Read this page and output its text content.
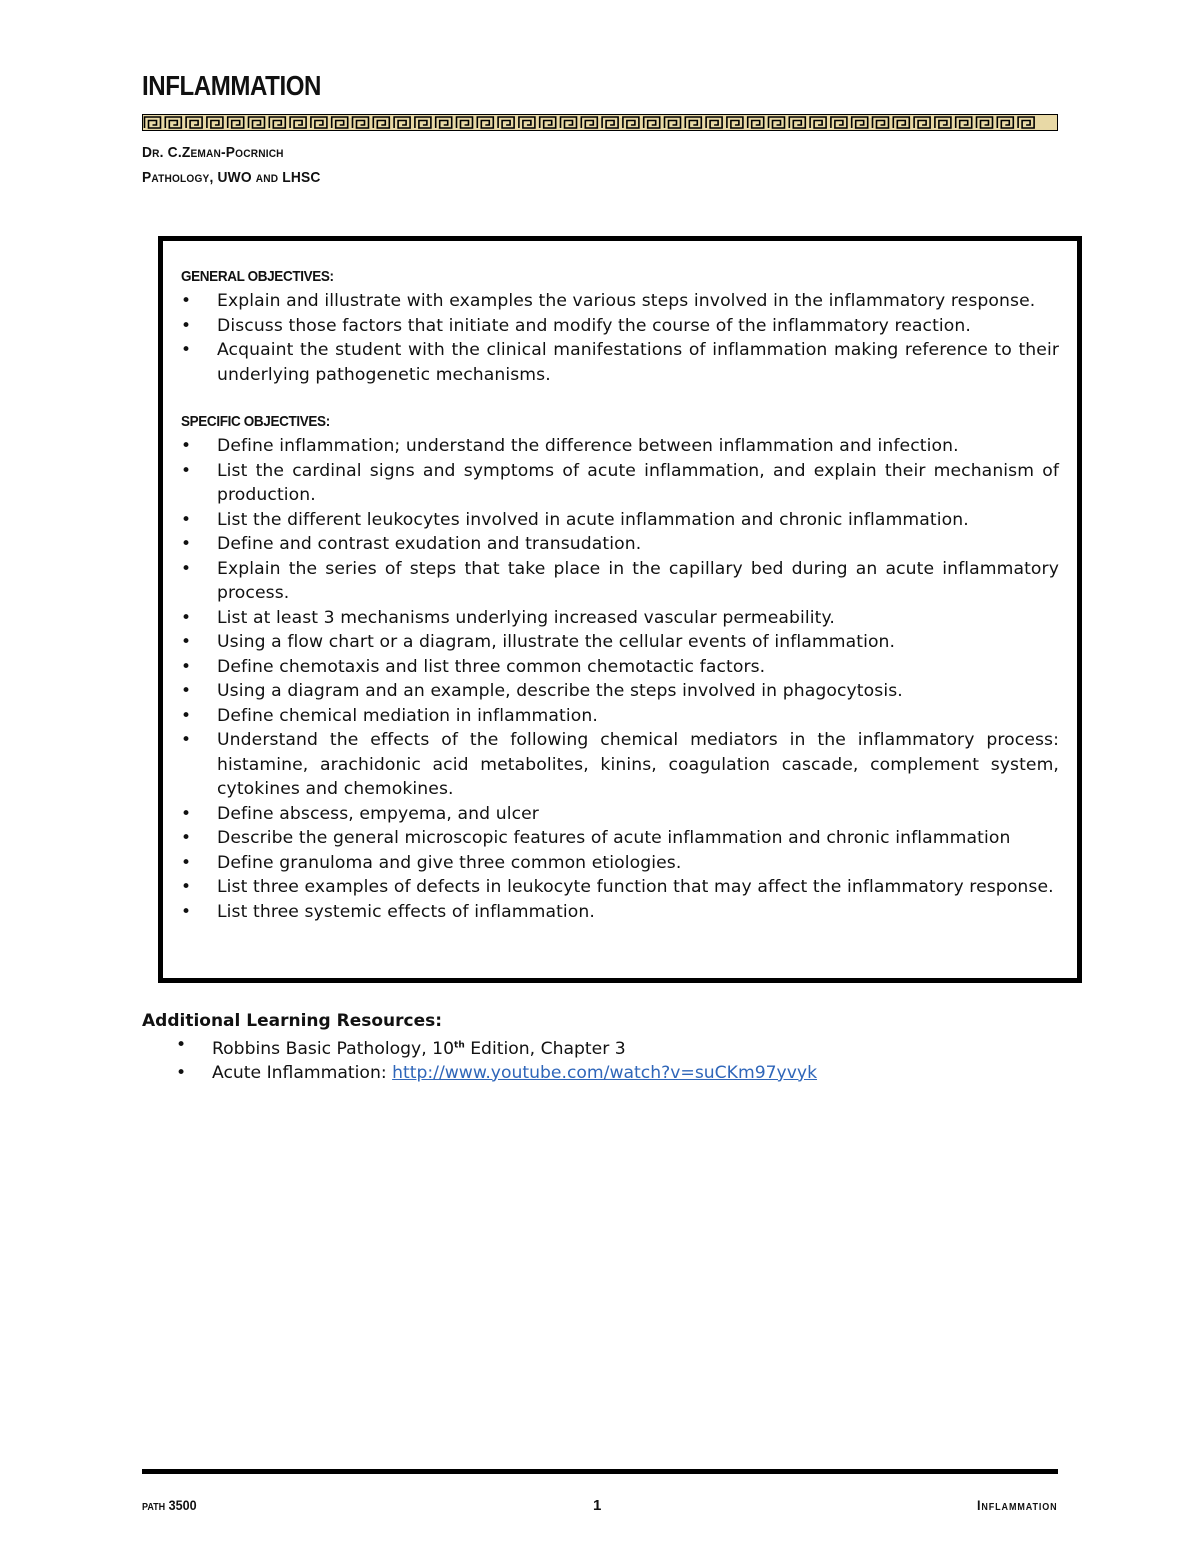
INFLAMMATION
Dr. C.Zeman-Pocrnich
Pathology, UWO and LHSC
GENERAL OBJECTIVES:
• Explain and illustrate with examples the various steps involved in the inflammatory response.
• Discuss those factors that initiate and modify the course of the inflammatory reaction.
• Acquaint the student with the clinical manifestations of inflammation making reference to their underlying pathogenetic mechanisms.
SPECIFIC OBJECTIVES:
• Define inflammation; understand the difference between inflammation and infection.
• List the cardinal signs and symptoms of acute inflammation, and explain their mechanism of production.
• List the different leukocytes involved in acute inflammation and chronic inflammation.
• Define and contrast exudation and transudation.
• Explain the series of steps that take place in the capillary bed during an acute inflammatory process.
• List at least 3 mechanisms underlying increased vascular permeability.
• Using a flow chart or a diagram, illustrate the cellular events of inflammation.
• Define chemotaxis and list three common chemotactic factors.
• Using a diagram and an example, describe the steps involved in phagocytosis.
• Define chemical mediation in inflammation.
• Understand the effects of the following chemical mediators in the inflammatory process: histamine, arachidonic acid metabolites, kinins, coagulation cascade, complement system, cytokines and chemokines.
• Define abscess, empyema, and ulcer
• Describe the general microscopic features of acute inflammation and chronic inflammation
• Define granuloma and give three common etiologies.
• List three examples of defects in leukocyte function that may affect the inflammatory response.
• List three systemic effects of inflammation.
Additional Learning Resources:
• Robbins Basic Pathology, 10th Edition, Chapter 3
• Acute Inflammation: http://www.youtube.com/watch?v=suCKm97yvyk
path 3500	1	Inflammation
